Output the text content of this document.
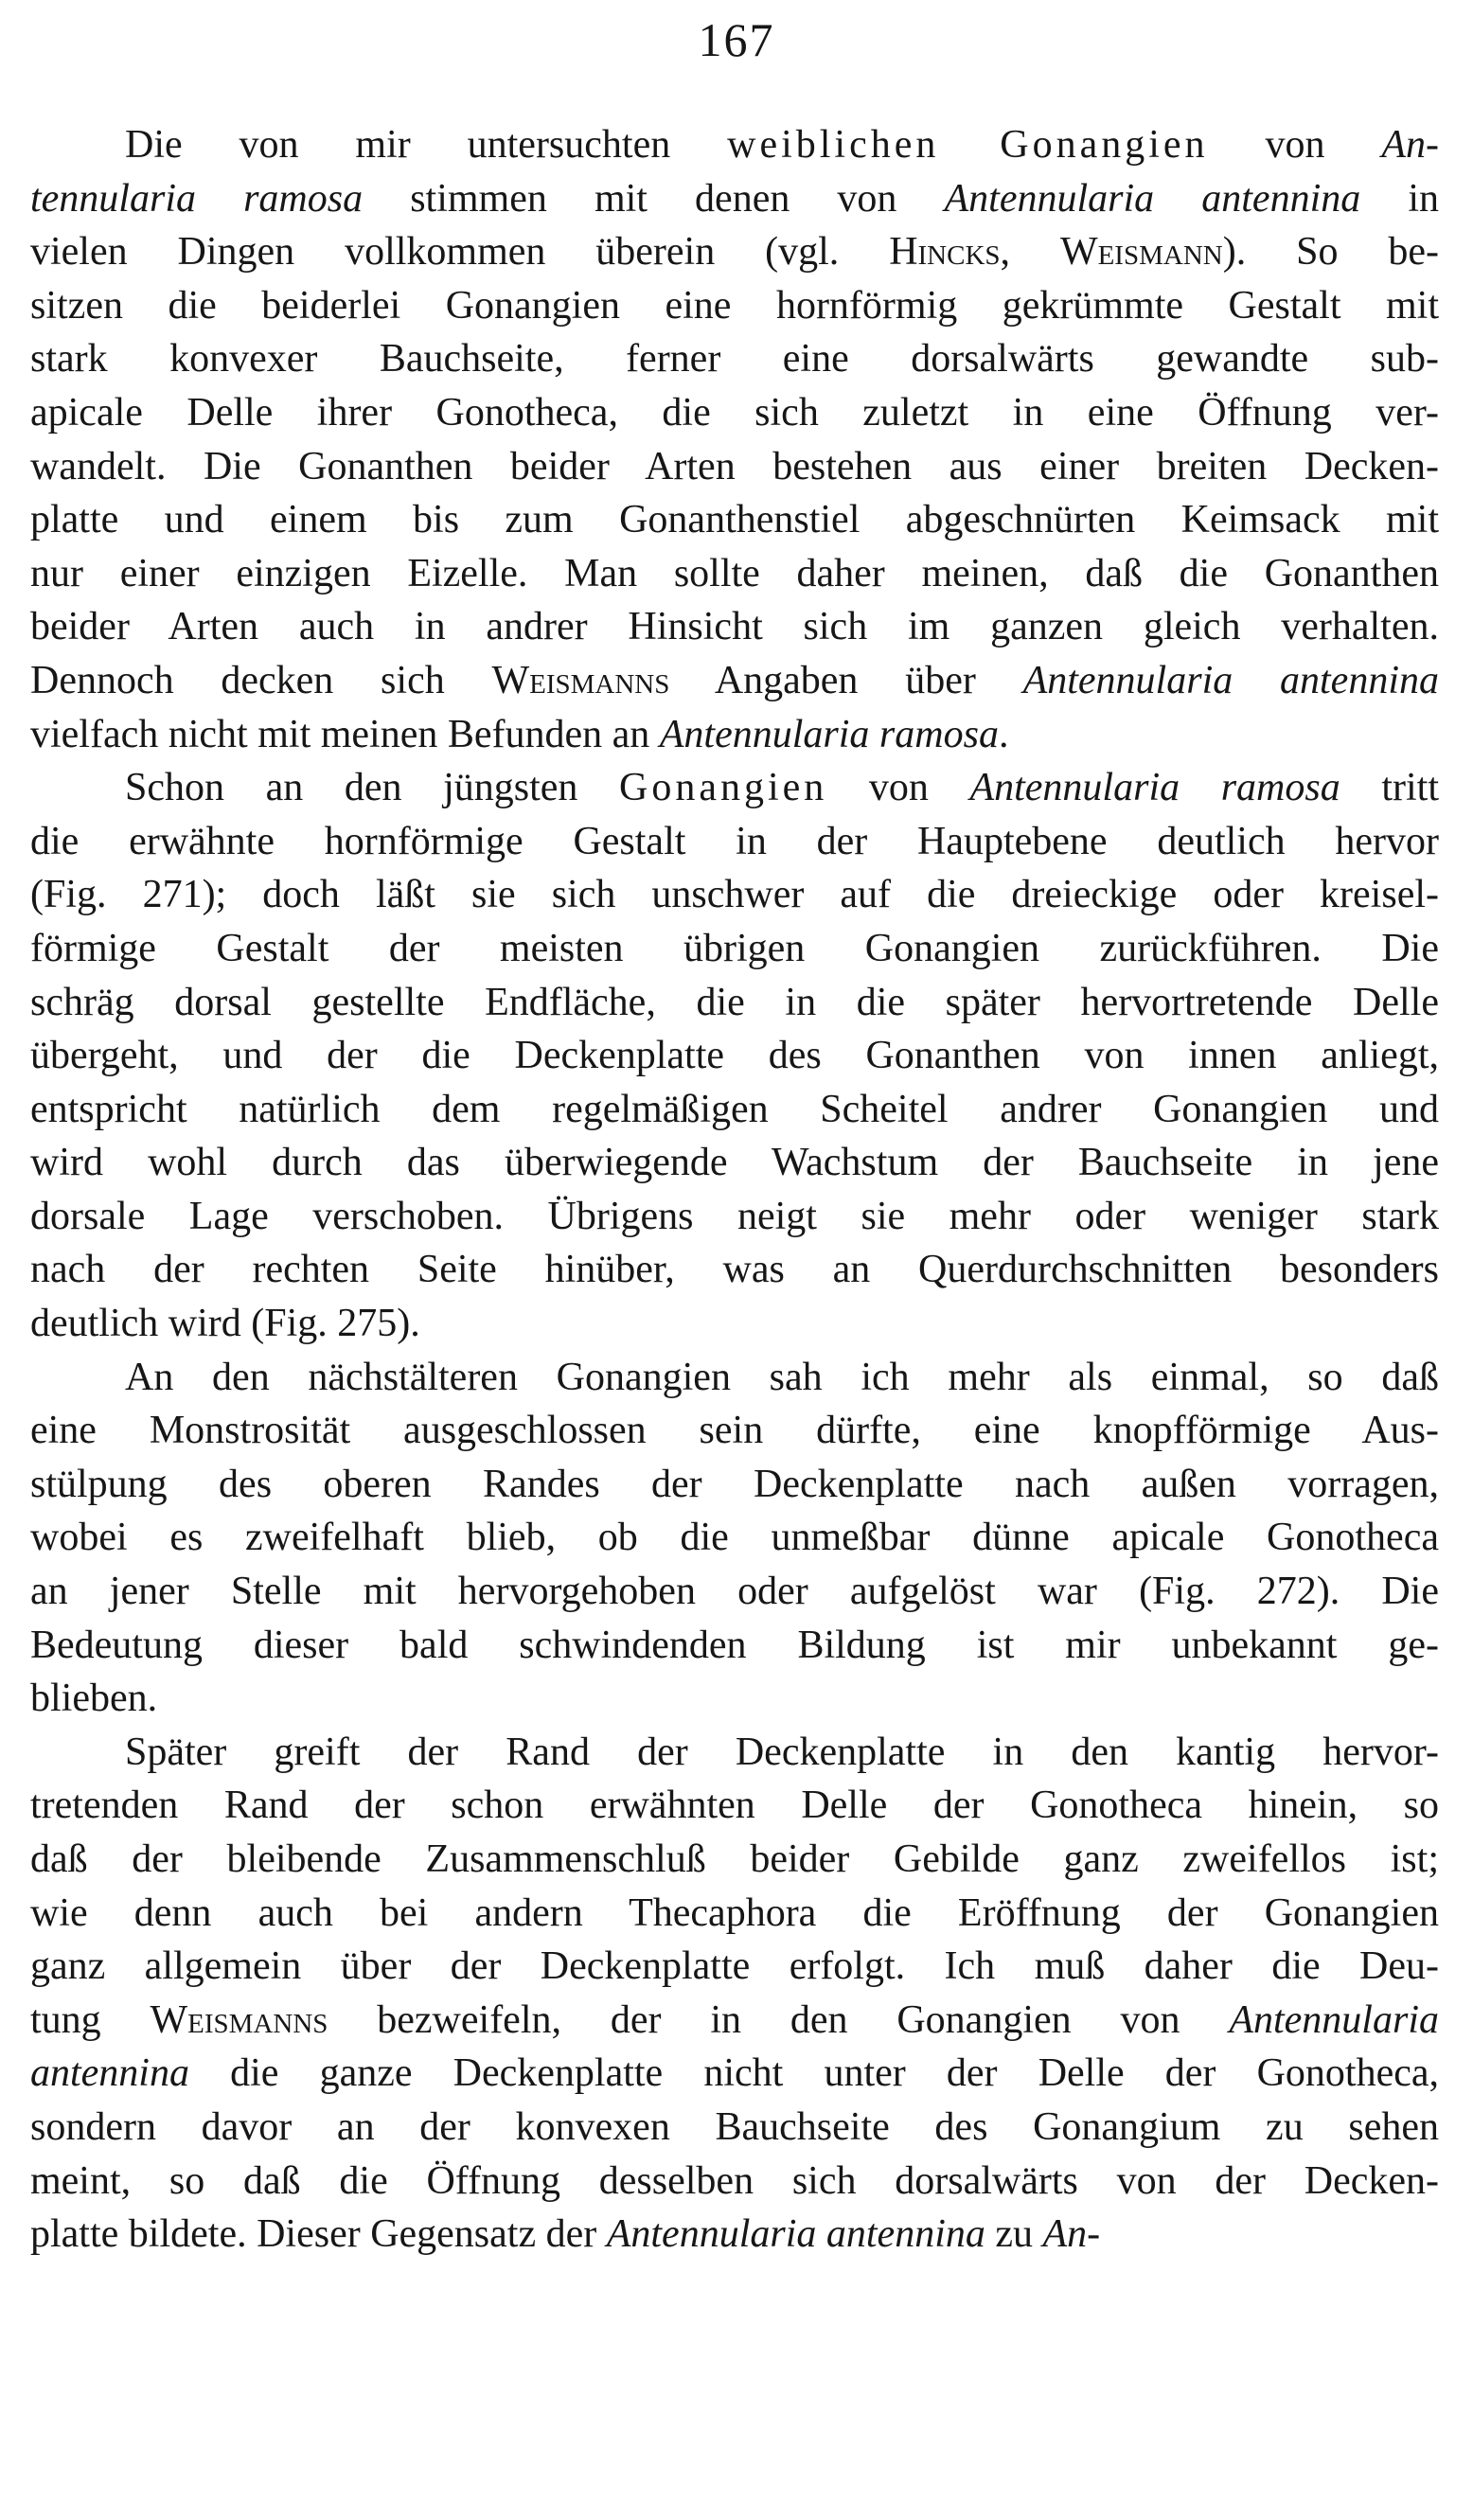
167
Die von mir untersuchten weiblichen Gonangien von An-
tennularia ramosa stimmen mit denen von Antennularia antennina in
vielen Dingen vollkommen überein (vgl. Hincks, Weismann). So be-
sitzen die beiderlei Gonangien eine hornförmig gekrümmte Gestalt mit
stark konvexer Bauchseite, ferner eine dorsalwärts gewandte sub-
apicale Delle ihrer Gonotheca, die sich zuletzt in eine Öffnung ver-
wandelt. Die Gonanthen beider Arten bestehen aus einer breiten Decken-
platte und einem bis zum Gonanthenstiel abgeschnürten Keimsack mit
nur einer einzigen Eizelle. Man sollte daher meinen, daß die Gonanthen
beider Arten auch in andrer Hinsicht sich im ganzen gleich verhalten.
Dennoch decken sich Weismanns Angaben über Antennularia antennina
vielfach nicht mit meinen Befunden an Antennularia ramosa.
Schon an den jüngsten Gonangien von Antennularia ramosa tritt
die erwähnte hornförmige Gestalt in der Hauptebene deutlich hervor
(Fig. 271); doch läßt sie sich unschwer auf die dreieckige oder kreisel-
förmige Gestalt der meisten übrigen Gonangien zurückführen. Die
schräg dorsal gestellte Endfläche, die in die später hervortretende Delle
übergeht, und der die Deckenplatte des Gonanthen von innen anliegt,
entspricht natürlich dem regelmäßigen Scheitel andrer Gonangien und
wird wohl durch das überwiegende Wachstum der Bauchseite in jene
dorsale Lage verschoben. Übrigens neigt sie mehr oder weniger stark
nach der rechten Seite hinüber, was an Querdurchschnitten besonders
deutlich wird (Fig. 275).
An den nächstälteren Gonangien sah ich mehr als einmal, so daß
eine Monstrosität ausgeschlossen sein dürfte, eine knopfförmige Aus-
stülpung des oberen Randes der Deckenplatte nach außen vorragen,
wobei es zweifelhaft blieb, ob die unmeßbar dünne apicale Gonotheca
an jener Stelle mit hervorgehoben oder aufgelöst war (Fig. 272). Die
Bedeutung dieser bald schwindenden Bildung ist mir unbekannt ge-
blieben.
Später greift der Rand der Deckenplatte in den kantig hervor-
tretenden Rand der schon erwähnten Delle der Gonotheca hinein, so
daß der bleibende Zusammenschluß beider Gebilde ganz zweifellos ist;
wie denn auch bei andern Thecaphora die Eröffnung der Gonangien
ganz allgemein über der Deckenplatte erfolgt. Ich muß daher die Deu-
tung Weismanns bezweifeln, der in den Gonangien von Antennularia
antennina die ganze Deckenplatte nicht unter der Delle der Gonotheca,
sondern davor an der konvexen Bauchseite des Gonangium zu sehen
meint, so daß die Öffnung desselben sich dorsalwärts von der Decken-
platte bildete. Dieser Gegensatz der Antennularia antennina zu An-
